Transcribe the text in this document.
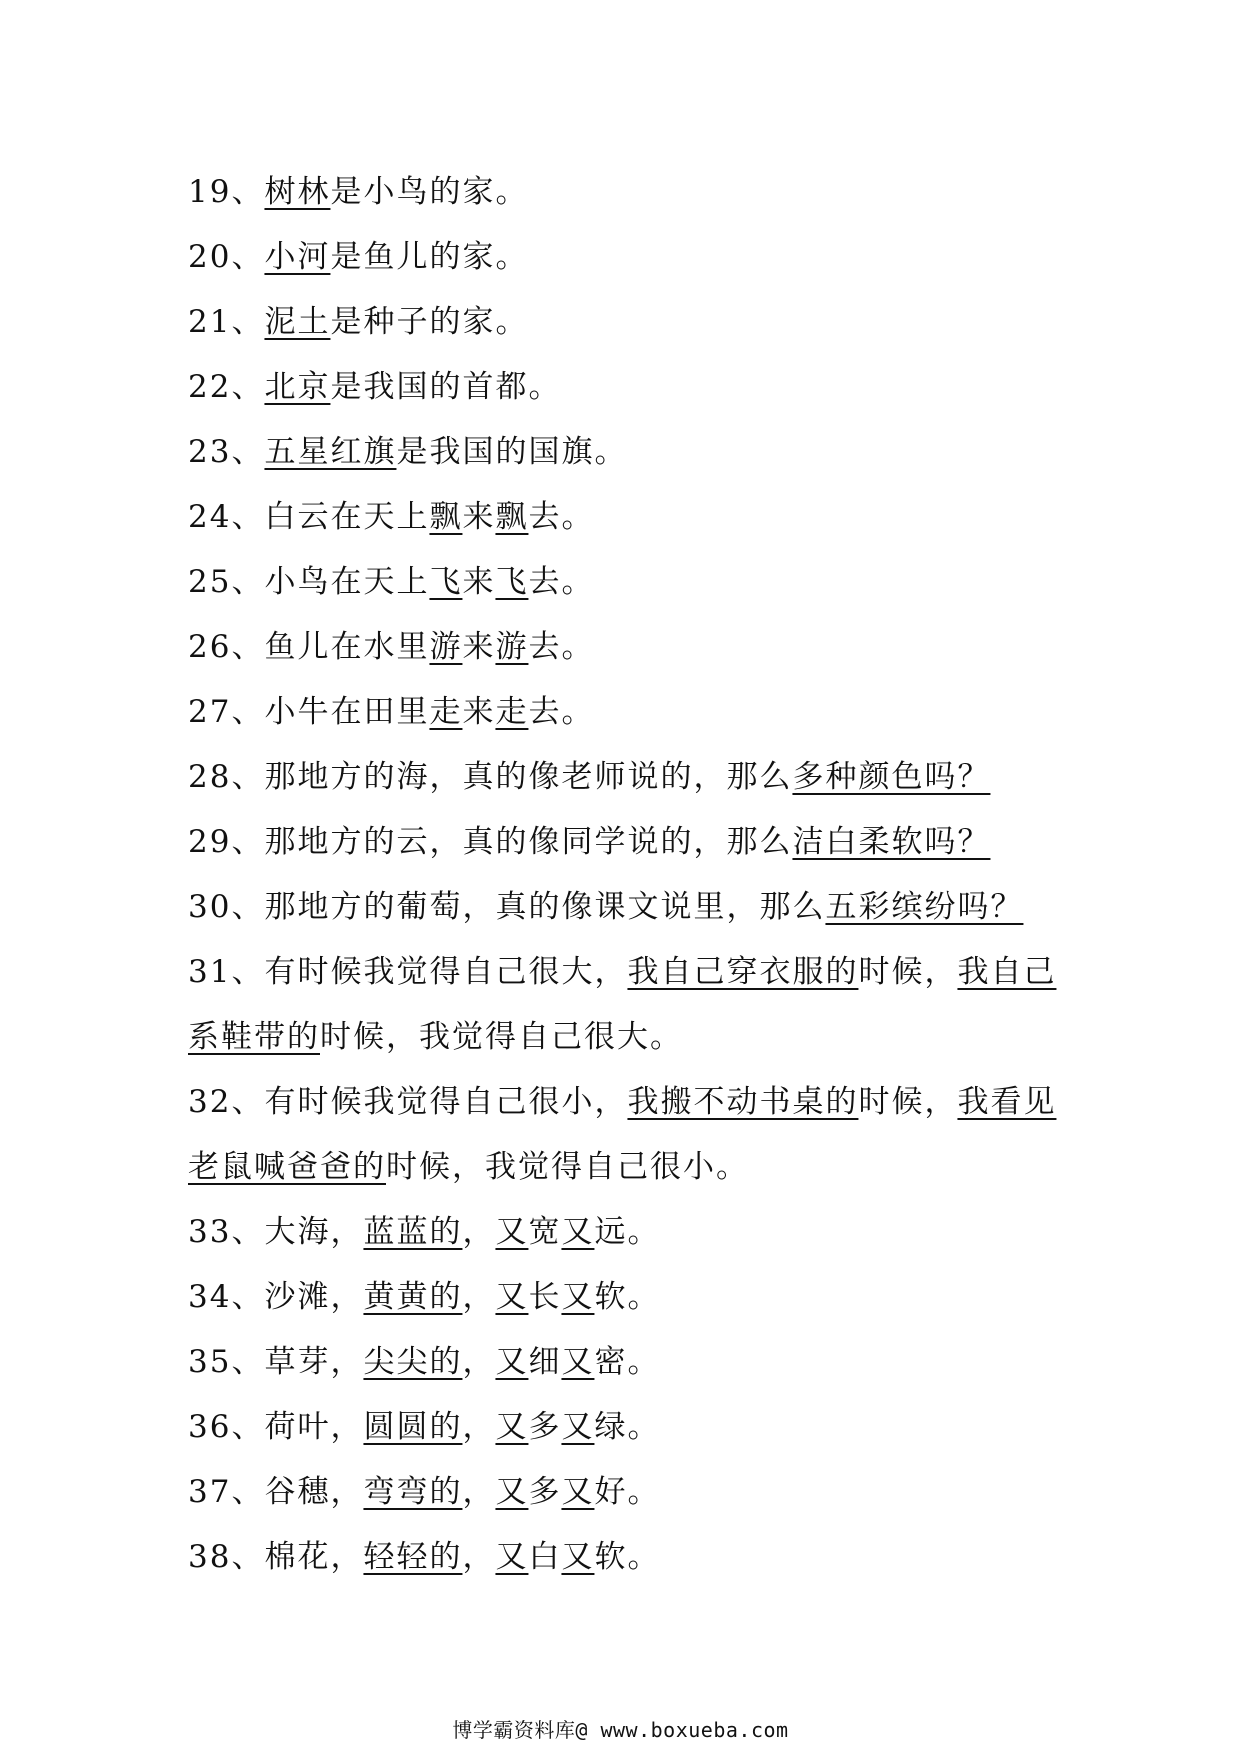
19、树林是小鸟的家。
20、小河是鱼儿的家。
21、泥土是种子的家。
22、北京是我国的首都。
23、五星红旗是我国的国旗。
24、白云在天上飘来飘去。
25、小鸟在天上飞来飞去。
26、鱼儿在水里游来游去。
27、小牛在田里走来走去。
28、那地方的海，真的像老师说的，那么多种颜色吗？
29、那地方的云，真的像同学说的，那么洁白柔软吗？
30、那地方的葡萄，真的像课文说里，那么五彩缤纷吗？
31、有时候我觉得自己很大，我自己穿衣服的时候，我自己系鞋带的时候，我觉得自己很大。
32、有时候我觉得自己很小，我搬不动书桌的时候，我看见老鼠喊爸爸的时候，我觉得自己很小。
33、大海，蓝蓝的，又宽又远。
34、沙滩，黄黄的，又长又软。
35、草芽，尖尖的，又细又密。
36、荷叶，圆圆的，又多又绿。
37、谷穗，弯弯的，又多又好。
38、棉花，轻轻的，又白又软。
博学霸资料库@ www.boxueba.com
